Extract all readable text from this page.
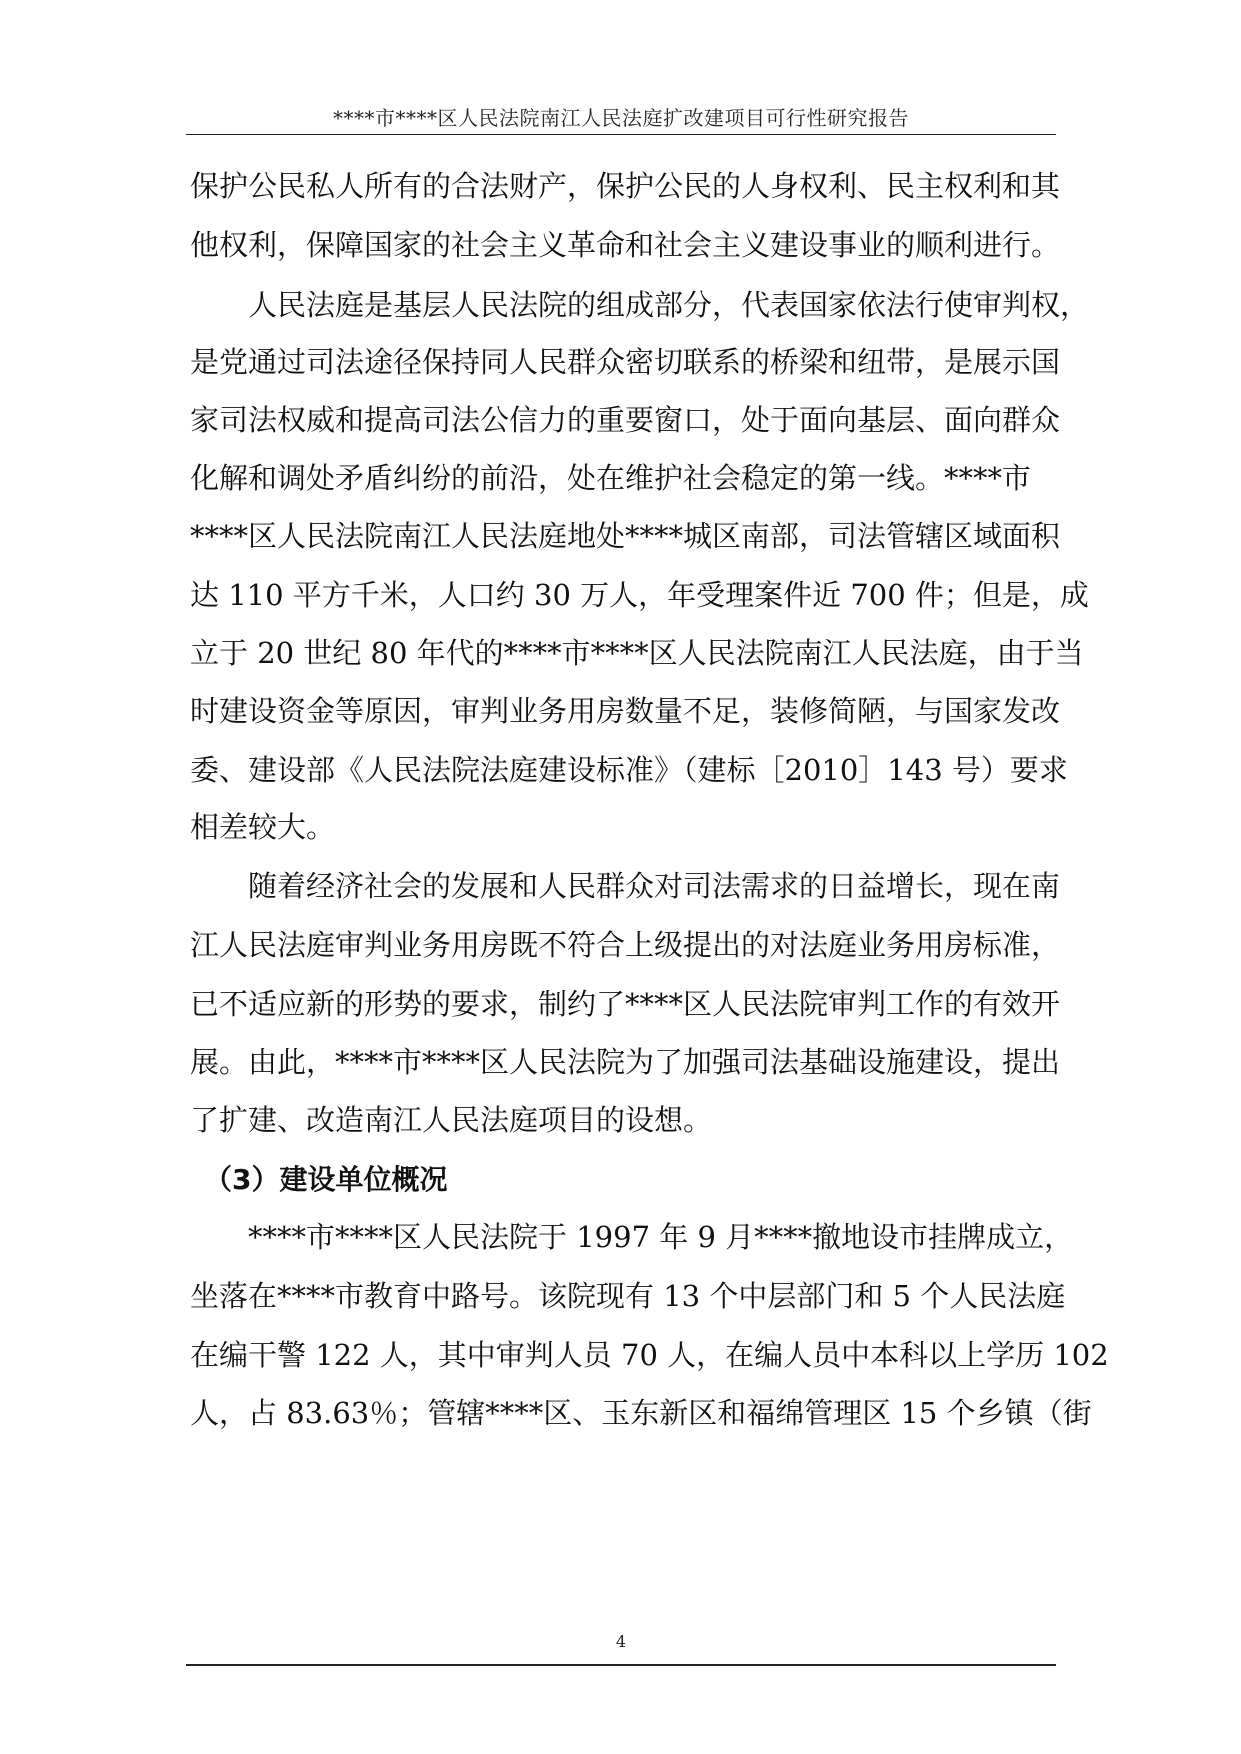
****市****区人民法院南江人民法庭扩改建项目可行性研究报告
保护公民私人所有的合法财产，保护公民的人身权利、民主权利和其
他权利，保障国家的社会主义革命和社会主义建设事业的顺利进行。
　　人民法庭是基层人民法院的组成部分，代表国家依法行使审判权，
是党通过司法途径保持同人民群众密切联系的桥梁和纽带，是展示国
家司法权威和提高司法公信力的重要窗口，处于面向基层、面向群众
化解和调处矛盾纠纷的前沿，处在维护社会稳定的第一线。****市
****区人民法院南江人民法庭地处****城区南部，司法管辖区域面积
达 110 平方千米，人口约 30 万人，年受理案件近 700 件；但是，成
立于 20 世纪 80 年代的****市****区人民法院南江人民法庭，由于当
时建设资金等原因，审判业务用房数量不足，装修简陋，与国家发改
委、建设部《人民法院法庭建设标准》（建标［2010］143 号）要求
相差较大。
　　随着经济社会的发展和人民群众对司法需求的日益增长，现在南
江人民法庭审判业务用房既不符合上级提出的对法庭业务用房标准，
已不适应新的形势的要求，制约了****区人民法院审判工作的有效开
展。由此，****市****区人民法院为了加强司法基础设施建设，提出
了扩建、改造南江人民法庭项目的设想。
　（3）建设单位概况
　　****市****区人民法院于 1997 年 9 月****撤地设市挂牌成立，
坐落在****市教育中路号。该院现有 13 个中层部门和 5 个人民法庭
在编干警 122 人，其中审判人员 70 人，在编人员中本科以上学历 102
人，占 83.63％；管辖****区、玉东新区和福绵管理区 15 个乡镇（街
4
